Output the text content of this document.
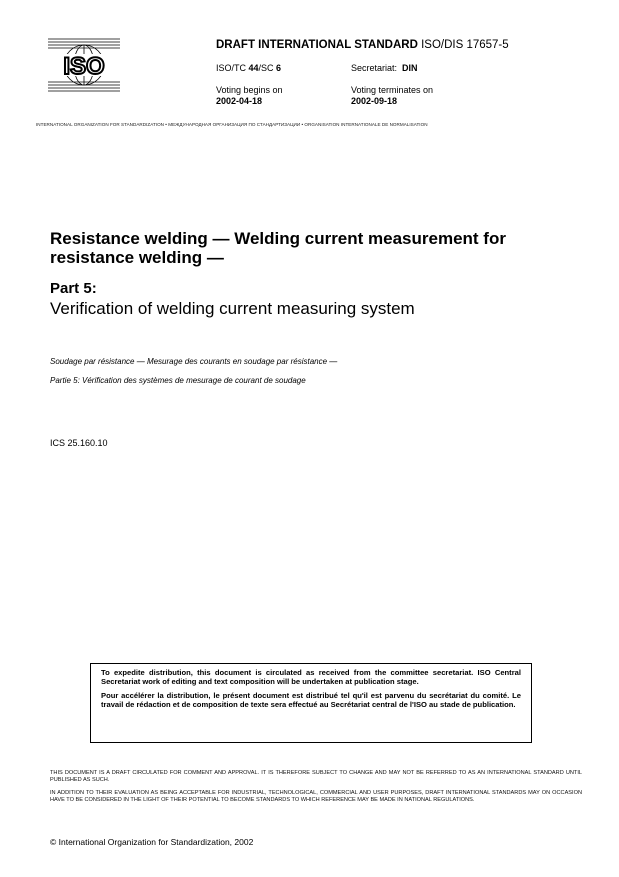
ISO
DRAFT INTERNATIONAL STANDARD ISO/DIS 17657-5
ISO/TC 44/SC 6	Secretariat: DIN
Voting begins on
2002-04-18
Voting terminates on
2002-09-18
INTERNATIONAL ORGANIZATION FOR STANDARDIZATION • МЕЖДУНАРОДНАЯ ОРГАНИЗАЦИЯ ПО СТАНДАРТИЗАЦИИ • ORGANISATION INTERNATIONALE DE NORMALISATION
Resistance welding — Welding current measurement for resistance welding —
Part 5:
Verification of welding current measuring system
Soudage par résistance — Mesurage des courants en soudage par résistance —
Partie 5: Vérification des systèmes de mesurage de courant de soudage
ICS 25.160.10

To expedite distribution, this document is circulated as received from the committee secretariat. ISO Central Secretariat work of editing and text composition will be undertaken at publication stage.

Pour accélérer la distribution, le présent document est distribué tel qu'il est parvenu du secrétariat du comité. Le travail de rédaction et de composition de texte sera effectué au Secrétariat central de l'ISO au stade de publication.

THIS DOCUMENT IS A DRAFT CIRCULATED FOR COMMENT AND APPROVAL. IT IS THEREFORE SUBJECT TO CHANGE AND MAY NOT BE REFERRED TO AS AN INTERNATIONAL STANDARD UNTIL PUBLISHED AS SUCH.
IN ADDITION TO THEIR EVALUATION AS BEING ACCEPTABLE FOR INDUSTRIAL, TECHNOLOGICAL, COMMERCIAL AND USER PURPOSES, DRAFT INTERNATIONAL STANDARDS MAY ON OCCASION HAVE TO BE CONSIDERED IN THE LIGHT OF THEIR POTENTIAL TO BECOME STANDARDS TO WHICH REFERENCE MAY BE MADE IN NATIONAL REGULATIONS.
© International Organization for Standardization, 2002
